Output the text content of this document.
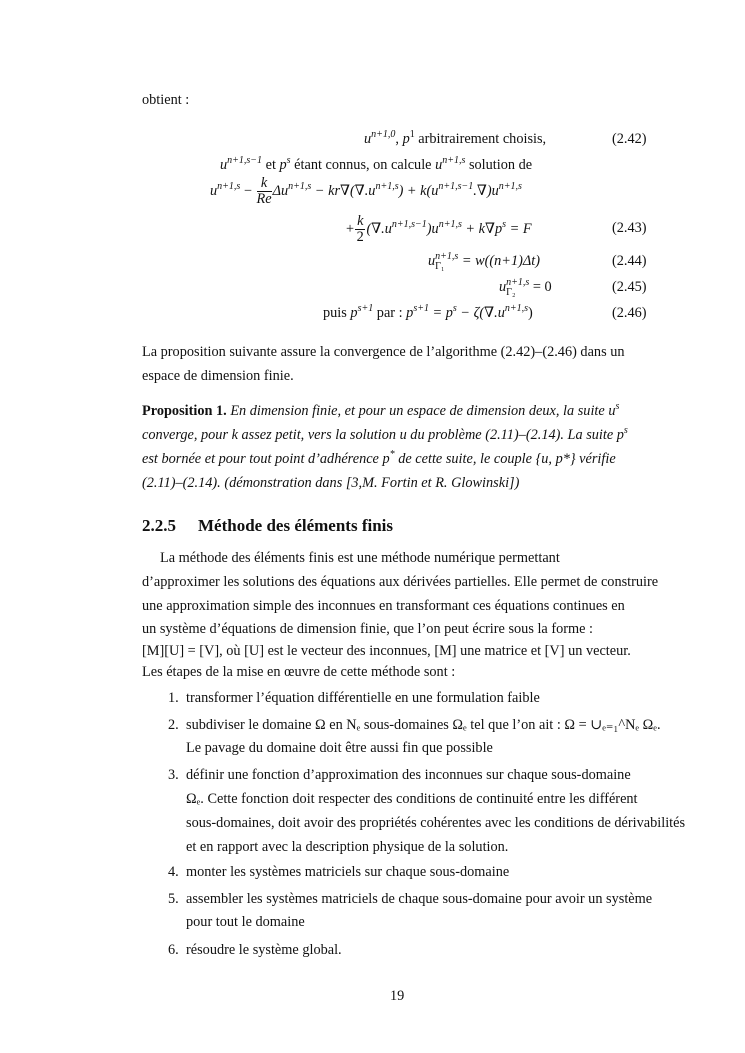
obtient :
$u^{n+1,0}$, $p^1$ arbitrairement choisis,	(2.42)
$u^{n+1,s-1}$ et $p^s$ étant connus, on calcule $u^{n+1,s}$ solution de
$u^{n+1,s} - \frac{k}{Re} \Delta u^{n+1,s} - kr\nabla(\nabla.u^{n+1,s}) + k(u^{n+1,s-1}.\nabla)u^{n+1,s}$
+ $\frac{k}{2} (\nabla.u^{n+1,s-1})u^{n+1,s} + k\nabla p^s = F$	(2.43)
u n+1,s
Γ₁ = w((n+1)Δt)	(2.44)
u n+1,s
Γ₂ = 0	(2.45)
puis $p^{s+1}$ par : $p^{s+1} = p^s - \zeta(\nabla.u^{n+1,s})$	(2.46)
La proposition suivante assure la convergence de l’algorithme (2.42)–(2.46) dans un
espace de dimension finie.
Proposition 1. En dimension finie, et pour un espace de dimension deux, la suite $u^s$
converge, pour k assez petit, vers la solution u du problème (2.11)–(2.14). La suite $p^s$
est bornée et pour tout point d’adhérence p* de cette suite, le couple {u, p*} vérifie
(2.11)–(2.14). (démonstration dans [3,M. Fortin et R. Glowinski])
2.2.5 Méthode des éléments finis
La méthode des éléments finis est une méthode numérique permettant
d’approximer les solutions des équations aux dérivées partielles. Elle permet de construire
une approximation simple des inconnues en transformant ces équations continues en
un système d’équations de dimension finie, que l’on peut écrire sous la forme :
[M][U] = [V], où [U] est le vecteur des inconnues, [M] une matrice et [V] un vecteur.
Les étapes de la mise en œuvre de cette méthode sont :
1. transformer l’équation différentielle en une formulation faible
2. subdiviser le domaine Ω en Nₑ sous-domaines Ωₑ tel que l’on ait : Ω = ∪ₑ₌₁^Nₑ Ωₑ.
Le pavage du domaine doit être aussi fin que possible
3. définir une fonction d’approximation des inconnues sur chaque sous-domaine
Ωₑ. Cette fonction doit respecter des conditions de continuité entre les différent
sous-domaines, doit avoir des propriétés cohérentes avec les conditions de dérivabilités
et en rapport avec la description physique de la solution.
4. monter les systèmes matriciels sur chaque sous-domaine
5. assembler les systèmes matriciels de chaque sous-domaine pour avoir un système
pour tout le domaine
6. résoudre le système global.
19
